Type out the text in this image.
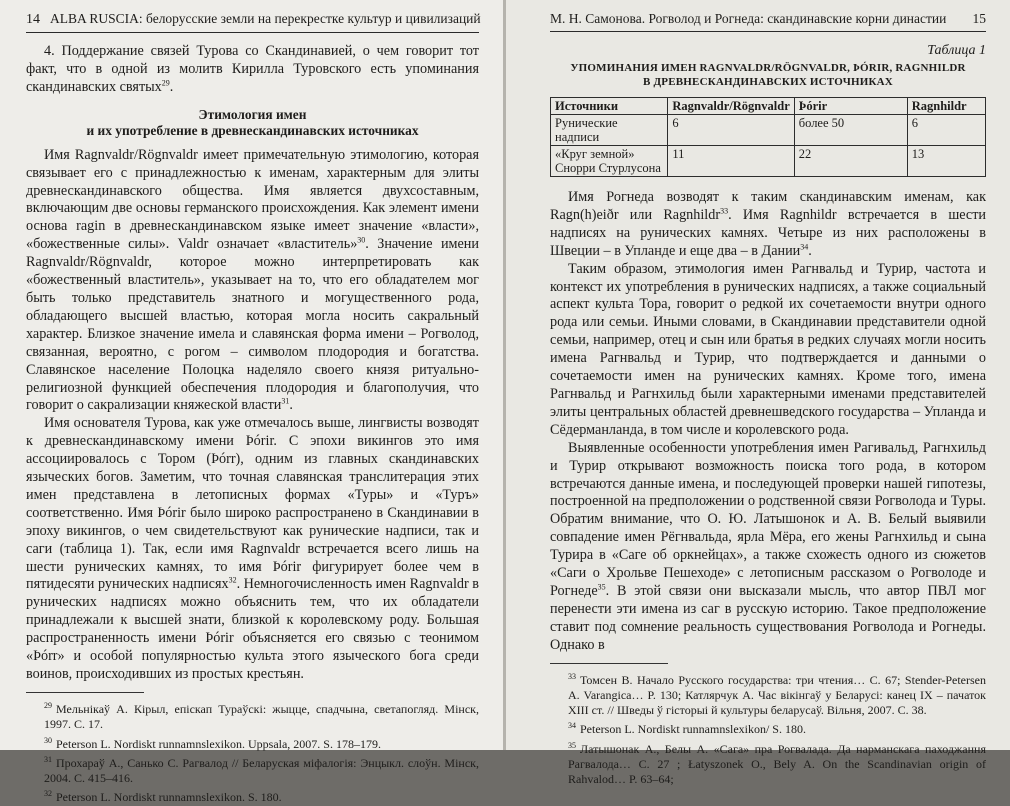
14 ALBA RUSCIA: белорусские земли на перекрестке культур и цивилизаций

4. Поддержание связей Турова со Скандинавией, о чем говорит тот факт, что в одной из молитв Кирилла Туровского есть упоминания скандинавских святых$^{29}$.

Этимология имен
и их употребление в древнескандинавских источниках

Имя Ragnvaldr/Rögnvaldr имеет примечательную этимологию, которая связывает его с принадлежностью к именам, характерным для элиты древнескандинавского общества. Имя является двухсоставным, включающим две основы германского происхождения. Как элемент имени основа ragin в древнескандинавском языке имеет значение «власти», «божественные силы». Valdr означает «властитель»$^{30}$. Значение имени Ragnvaldr/Rögnvaldr, которое можно интерпретировать как «божественный властитель», указывает на то, что его обладателем мог быть только представитель знатного и могущественного рода, обладающего высшей властью, которая могла носить сакральный характер. Близкое значение имела и славянская форма имени – Рогволод, связанная, вероятно, с рогом – символом плодородия и богатства. Славянское население Полоцка наделяло своего князя ритуально-религиозной функцией обеспечения плодородия и благополучия, что говорит о сакрализации княжеской власти$^{31}$.

Имя основателя Турова, как уже отмечалось выше, лингвисты возводят к древнескандинавскому имени Þórir. С эпохи викингов это имя ассоциировалось с Тором (Þórr), одним из главных скандинавских языческих богов. Заметим, что точная славянская транслитерация этих имен представлена в летописных формах «Туры» и «Туръ» соответственно. Имя Þórir было широко распространено в Скандинавии в эпоху викингов, о чем свидетельствуют как рунические надписи, так и саги (таблица 1). Так, если имя Ragnvaldr встречается всего лишь на шести рунических камнях, то имя Þórir фигурирует более чем в пятидесяти рунических надписях$^{32}$. Немногочисленность имен Ragnvaldr в рунических надписях можно объяснить тем, что их обладатели принадлежали к высшей знати, близкой к королевскому роду. Большая распространенность имени Þórir объясняется его связью с теонимом «Þórr» и особой популярностью культа этого языческого бога среди воинов, происходивших из простых крестьян.

$^{29}$ Мельнікаў А. Кірыл, епіскап Тураўскі: жыцце, спадчына, светапогляд. Мінск, 1997. С. 17.
$^{30}$ Peterson L. Nordiskt runnamnslexikon. Uppsala, 2007. S. 178–179.
$^{31}$ Прохараў А., Санько С. Рагвалод // Беларуская міфалогія: Энцыкл. слоўн. Мінск, 2004. С. 415–416.
$^{32}$ Peterson L. Nordiskt runnamnslexikon. S. 180.
М. Н. Самонова. Рогволод и Рогнеда: скандинавские корни династии 15
Таблица 1
УПОМИНАНИЯ ИМЕН RAGNVALDR/RÖGNVALDR, ÞÓRIR, RAGNHILDR
В ДРЕВНЕСКАНДИНАВСКИХ ИСТОЧНИКАХ
Источники	Ragnvaldr/Rögnvaldr	Þórir	Ragnhildr
Рунические надписи	6	более 50	6
«Круг земной» Снорри Стурлусона	11	22	13

Имя Рогнеда возводят к таким скандинавским именам, как Ragn(h)eiðr или Ragnhildr$^{33}$. Имя Ragnhildr встречается в шести надписях на рунических камнях. Четыре из них расположены в Швеции – в Упланде и еще два – в Дании$^{34}$.

Таким образом, этимология имен Рагнвальд и Турир, частота и контекст их употребления в рунических надписях, а также социальный аспект культа Тора, говорит о редкой их сочетаемости внутри одного рода или семьи. Иными словами, в Скандинавии представители одной семьи, например, отец и сын или братья в редких случаях могли носить имена Рагнвальд и Турир, что подтверждается и данными о сочетаемости имен на рунических камнях. Кроме того, имена Рагнвальд и Рагнхильд были характерными именами представителей элиты центральных областей древнешведского государства – Упланда и Сёдерманланда, в том числе и королевского рода.

Выявленные особенности употребления имен Рагивальд, Рагнхильд и Турир открывают возможность поиска того рода, в котором встречаются данные имена, и последующей проверки нашей гипотезы, построенной на предположении о родственной связи Рогволода и Туры. Обратим внимание, что О. Ю. Латышонок и А. В. Белый выявили совпадение имен Рёгнвальда, ярла Мёра, его жены Рагнхильд и сына Турира в «Саге об оркнейцах», а также схожесть одного из сюжетов «Саги о Хрольве Пешеходе» с летописным рассказом о Рогволоде и Рогнеде$^{35}$. В этой связи они высказали мысль, что автор ПВЛ мог перенести эти имена из саг в русскую историю. Такое предположение ставит под сомнение реальность существования Рогволода и Рогнеды. Однако в

$^{33}$ Томсен В. Начало Русского государства: три чтения… С. 67; Stender-Petersen A. Varangica… P. 130; Катлярчук А. Час вікінгаў у Беларусі: канец IX – пачаток XIII ст. // Шведы ў гісторыі й культуры беларусаў. Вільня, 2007. С. 38.
$^{34}$ Peterson L. Nordiskt runnamnslexikon/ S. 180.
$^{35}$ Латышонак А., Белы А. «Сага» пра Рогвалада. Да нарманскага паходжання Рагвалода… С. 27 ; Łatyszonek O., Bely A. On the Scandinavian origin of Rahvalod… P. 63–64;
